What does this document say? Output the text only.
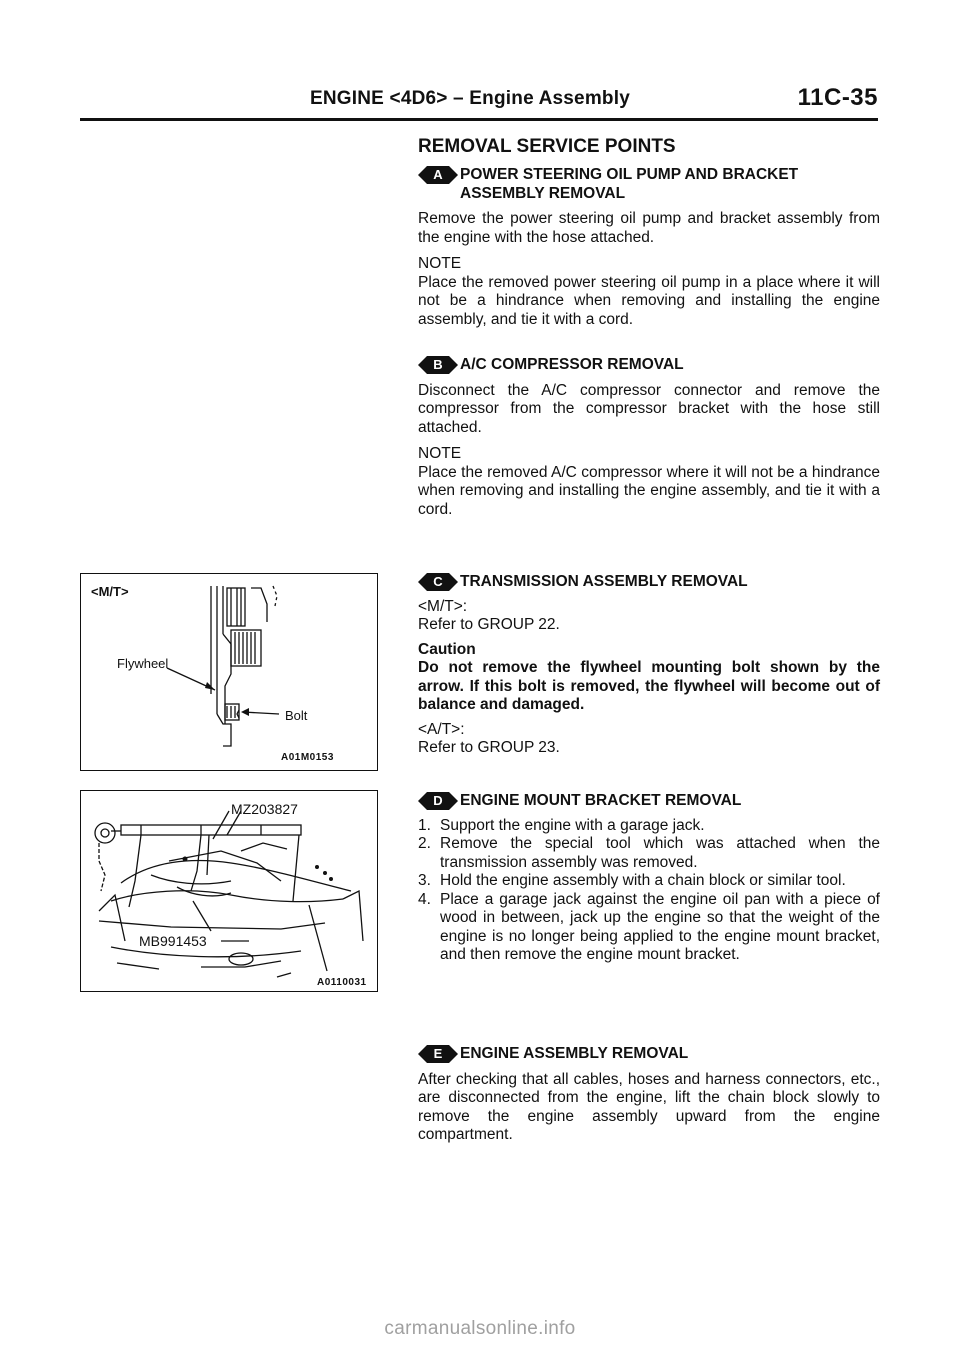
ENGINE <4D6> – Engine Assembly	11C-35
REMOVAL SERVICE POINTS
A	POWER STEERING OIL PUMP AND BRACKET
ASSEMBLY REMOVAL

Remove the power steering oil pump and bracket assembly from the engine with the hose attached.

NOTE

Place the removed power steering oil pump in a place where it will not be a hindrance when removing and installing the engine assembly, and tie it with a cord.

B	A/C COMPRESSOR REMOVAL

Disconnect the A/C compressor connector and remove the compressor from the compressor bracket with the hose still attached.

NOTE

Place the removed A/C compressor where it will not be a hindrance when removing and installing the engine assembly, and tie it with a cord.

C	TRANSMISSION ASSEMBLY REMOVAL
<M/T>:
Refer to GROUP 22.
Caution
Do not remove the flywheel mounting bolt shown by the arrow. If this bolt is removed, the flywheel will become out of balance and damaged.
<A/T>:
Refer to GROUP 23.
D	ENGINE MOUNT BRACKET REMOVAL
1. Support the engine with a garage jack.
2. Remove the special tool which was attached when the transmission assembly was removed.
3. Hold the engine assembly with a chain block or similar tool.
4. Place a garage jack against the engine oil pan with a piece of wood in between, jack up the engine so that the weight of the engine is no longer being applied to the engine mount bracket, and then remove the engine mount bracket.
E	ENGINE ASSEMBLY REMOVAL

After checking that all cables, hoses and harness connectors, etc., are disconnected from the engine, lift the chain block slowly to remove the engine assembly upward from the engine compartment.

<M/T>
Flywheel
Bolt
A01M0153
MZ203827
MB991453
A0110031
carmanualsonline.info
